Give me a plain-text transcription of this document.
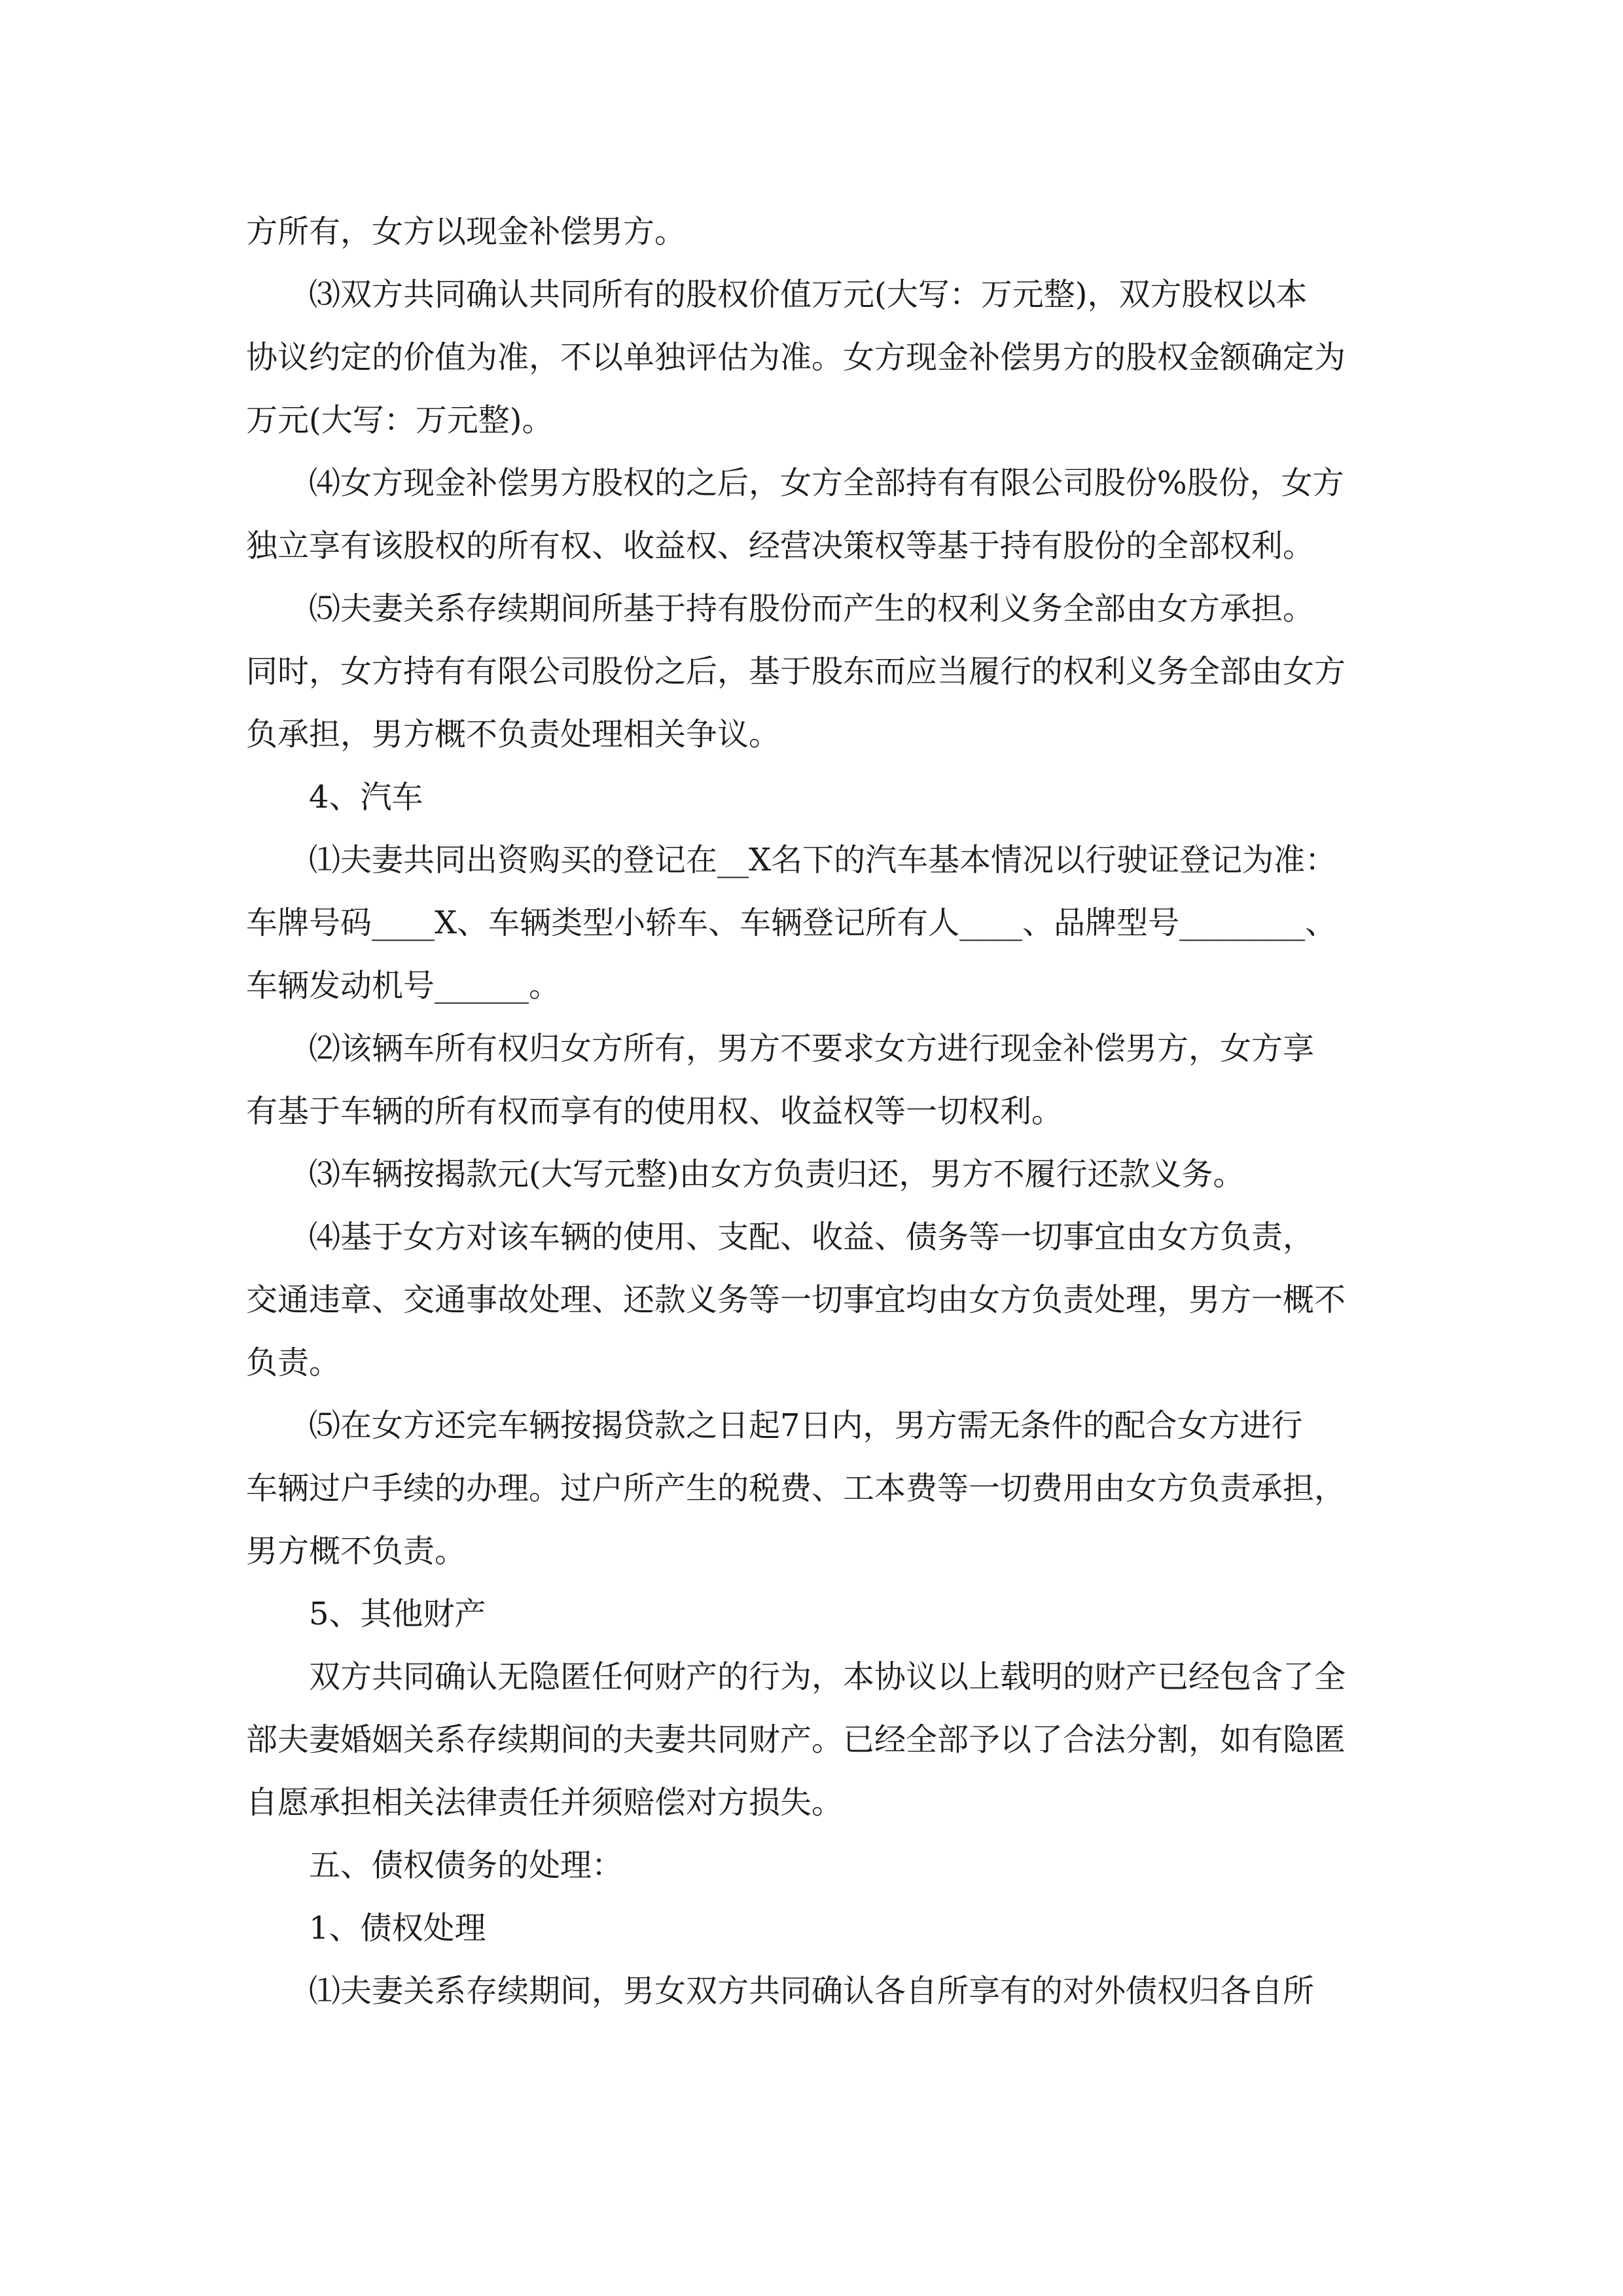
方所有，女方以现金补偿男方。
⑶双方共同确认共同所有的股权价值万元(大写：万元整)，双方股权以本
协议约定的价值为准，不以单独评估为准。女方现金补偿男方的股权金额确定为
万元(大写：万元整)。
⑷女方现金补偿男方股权的之后，女方全部持有有限公司股份%股份，女方
独立享有该股权的所有权、收益权、经营决策权等基于持有股份的全部权利。
⑸夫妻关系存续期间所基于持有股份而产生的权利义务全部由女方承担。
同时，女方持有有限公司股份之后，基于股东而应当履行的权利义务全部由女方
负承担，男方概不负责处理相关争议。
4、汽车
⑴夫妻共同出资购买的登记在__X名下的汽车基本情况以行驶证登记为准：
车牌号码____X、车辆类型小轿车、车辆登记所有人____、品牌型号________、
车辆发动机号______。
⑵该辆车所有权归女方所有，男方不要求女方进行现金补偿男方，女方享
有基于车辆的所有权而享有的使用权、收益权等一切权利。
⑶车辆按揭款元(大写元整)由女方负责归还，男方不履行还款义务。
⑷基于女方对该车辆的使用、支配、收益、债务等一切事宜由女方负责，
交通违章、交通事故处理、还款义务等一切事宜均由女方负责处理，男方一概不
负责。
⑸在女方还完车辆按揭贷款之日起7日内，男方需无条件的配合女方进行
车辆过户手续的办理。过户所产生的税费、工本费等一切费用由女方负责承担，
男方概不负责。
5、其他财产
双方共同确认无隐匿任何财产的行为，本协议以上载明的财产已经包含了全
部夫妻婚姻关系存续期间的夫妻共同财产。已经全部予以了合法分割，如有隐匿
自愿承担相关法律责任并须赔偿对方损失。
五、债权债务的处理：
1、债权处理
⑴夫妻关系存续期间，男女双方共同确认各自所享有的对外债权归各自所
